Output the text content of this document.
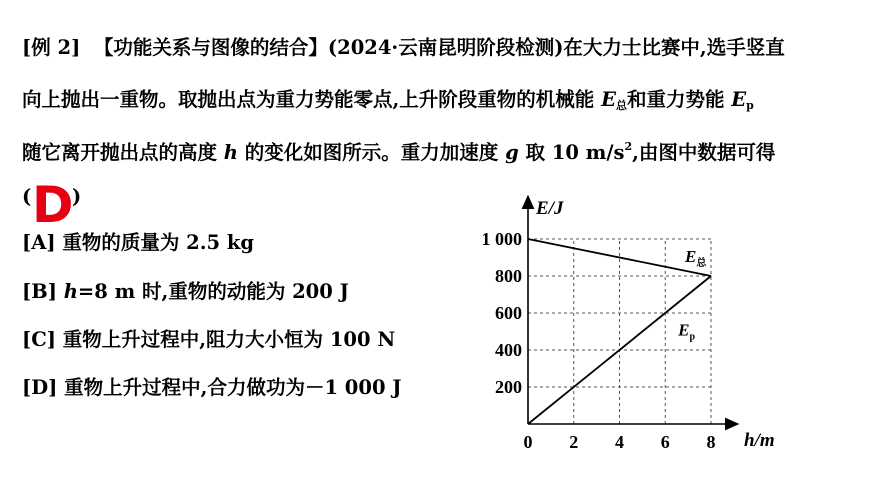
[例 2] 【功能关系与图像的结合】(2024·云南昆明阶段检测)在大力士比赛中,选手竖直
向上抛出一重物。取抛出点为重力势能零点,上升阶段重物的机械能 $E_总$和重力势能 $E_p$
随它离开抛出点的高度 h 的变化如图所示。重力加速度 g 取 10 $m/s^2$,由图中数据可得
( D
)
[A] 重物的质量为 2.5 kg
[B] h=8 m 时,重物的动能为 200 J
[C] 重物上升过程中,阻力大小恒为 100 N
[D] 重物上升过程中,合力做功为－1 000 J
0 2 4 6 8
200
400
600
800
1 000
$E_总$
$E_p$
E/J
h/m
